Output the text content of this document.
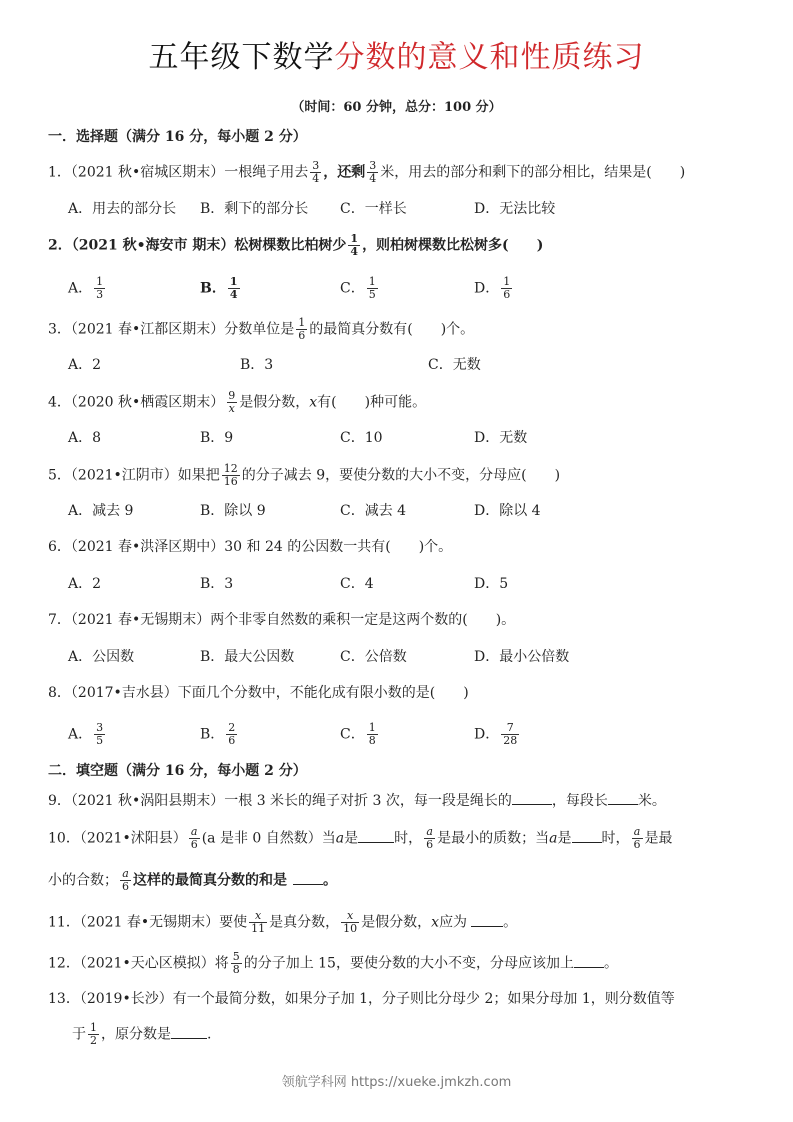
五年级下数学分数的意义和性质练习
（时间：60 分钟，总分：100 分）
一．选择题（满分 16 分，每小题 2 分）
1．（2021 秋•宿城区期末）一根绳子用去 $\frac{3}{4}$ ，还剩 $\frac{3}{4}$ 米，用去的部分和剩下的部分相比，结果是( )
A．用去的部分长 B．剩下的部分长 C．一样长	D．无法比较
2．（2021 秋•海安市 期末）松树棵数比柏树少 $\frac{1}{4}$ ，则柏树棵数比松树多( )
A． $\frac{1}{3}$	B． $\frac{1}{4}$	C． $\frac{1}{5}$	D． $\frac{1}{6}$
3．（2021 春•江都区期末）分数单位是 $\frac{1}{6}$ 的最简真分数有( )个。
A．2	B．3	C．无数
4．（2020 秋•栖霞区期末） $\frac{9}{x}$ 是假分数，x有( )种可能。
A．8	B．9	C．10	D．无数
5．（2021•江阴市）如果把 $\frac{12}{16}$ 的分子减去 9，要使分数的大小不变，分母应( )
A．减去 9	B．除以 9	C．减去 4	D．除以 4
6．（2021 春•洪泽区期中）30 和 24 的公因数一共有( )个。
A．2	B．3	C．4	D．5
7．（2021 春•无锡期末）两个非零自然数的乘积一定是这两个数的( )。
A．公因数	B．最大公因数	C．公倍数	D．最小公倍数
8．（2017•吉水县）下面几个分数中，不能化成有限小数的是( )
A． $\frac{3}{5}$	B． $\frac{2}{6}$	C． $\frac{1}{8}$	D． $\frac{7}{28}$
二．填空题（满分 16 分，每小题 2 分）
9．（2021 秋•涡阳县期末）一根 3 米长的绳子对折 3 次，每一段是绳长的	，每段长 米。
10．（2021•沭阳县） $\frac{a}{6} (a$ 是非 0 自然数）当a是	时， $\frac{a}{6}$ 是最小的质数；当a是 时， $\frac{a}{6}$ 是最
小的合数； $\frac{a}{6}$ 这样的最简真分数的和是	。
11．（2021 春•无锡期末）要使 $\frac{x}{11}$ 是真分数， $\frac{x}{10}$ 是假分数，x应为	。
12．（2021•天心区模拟）将 $\frac{5}{8}$ 的分子加上 15，要使分数的大小不变，分母应该加上 。
13．（2019•长沙）有一个最简分数，如果分子加 1，分子则比分母少 2；如果分母加 1，则分数值等
于 $\frac{1}{2}$ ，原分数是	.
领航学科网 https://xueke.jmkzh.com
